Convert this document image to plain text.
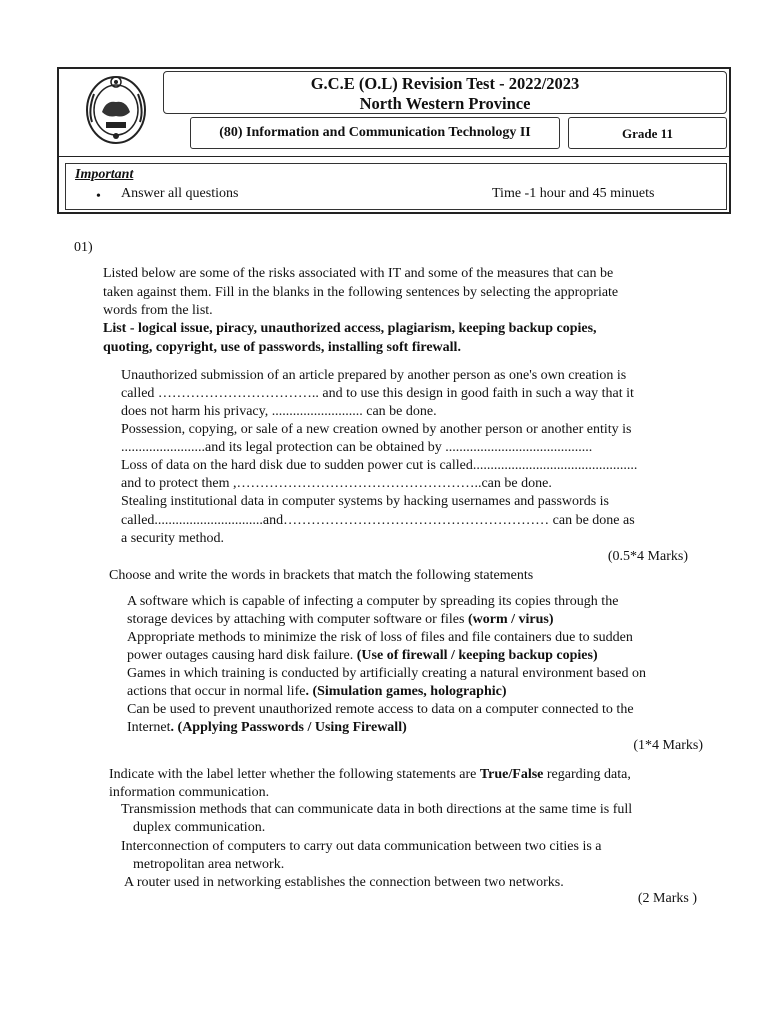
G.C.E (O.L) Revision Test - 2022/2023
North Western Province
(80) Information and Communication Technology II	Grade 11
Important
• Answer all questions	Time -1 hour and 45 minuets
01)
Listed below are some of the risks associated with IT and some of the measures that can be
taken against them. Fill in the blanks in the following sentences by selecting the appropriate
words from the list.
List - logical issue, piracy, unauthorized access, plagiarism, keeping backup copies,
quoting, copyright, use of passwords, installing soft firewall.
Unauthorized submission of an article prepared by another person as one's own creation is
called …………………………….. and to use this design in good faith in such a way that it
does not harm his privacy, .......................... can be done.
Possession, copying, or sale of a new creation owned by another person or another entity is
........................and its legal protection can be obtained by ..........................................
Loss of data on the hard disk due to sudden power cut is called...............................................
and to protect them ,……………………………………………..can be done.
Stealing institutional data in computer systems by hacking usernames and passwords is
called...............................and………………………………………………… can be done as
a security method.
(0.5*4 Marks)
Choose and write the words in brackets that match the following statements
A software which is capable of infecting a computer by spreading its copies through the
storage devices by attaching with computer software or files (worm / virus)
Appropriate methods to minimize the risk of loss of files and file containers due to sudden
power outages causing hard disk failure. (Use of firewall / keeping backup copies)
Games in which training is conducted by artificially creating a natural environment based on
actions that occur in normal life. (Simulation games, holographic)
Can be used to prevent unauthorized remote access to data on a computer connected to the
Internet. (Applying Passwords / Using Firewall)
(1*4 Marks)
Indicate with the label letter whether the following statements are True/False regarding data,
information communication.
Transmission methods that can communicate data in both directions at the same time is full
duplex communication.
Interconnection of computers to carry out data communication between two cities is a
metropolitan area network.
A router used in networking establishes the connection between two networks.
(2 Marks )
